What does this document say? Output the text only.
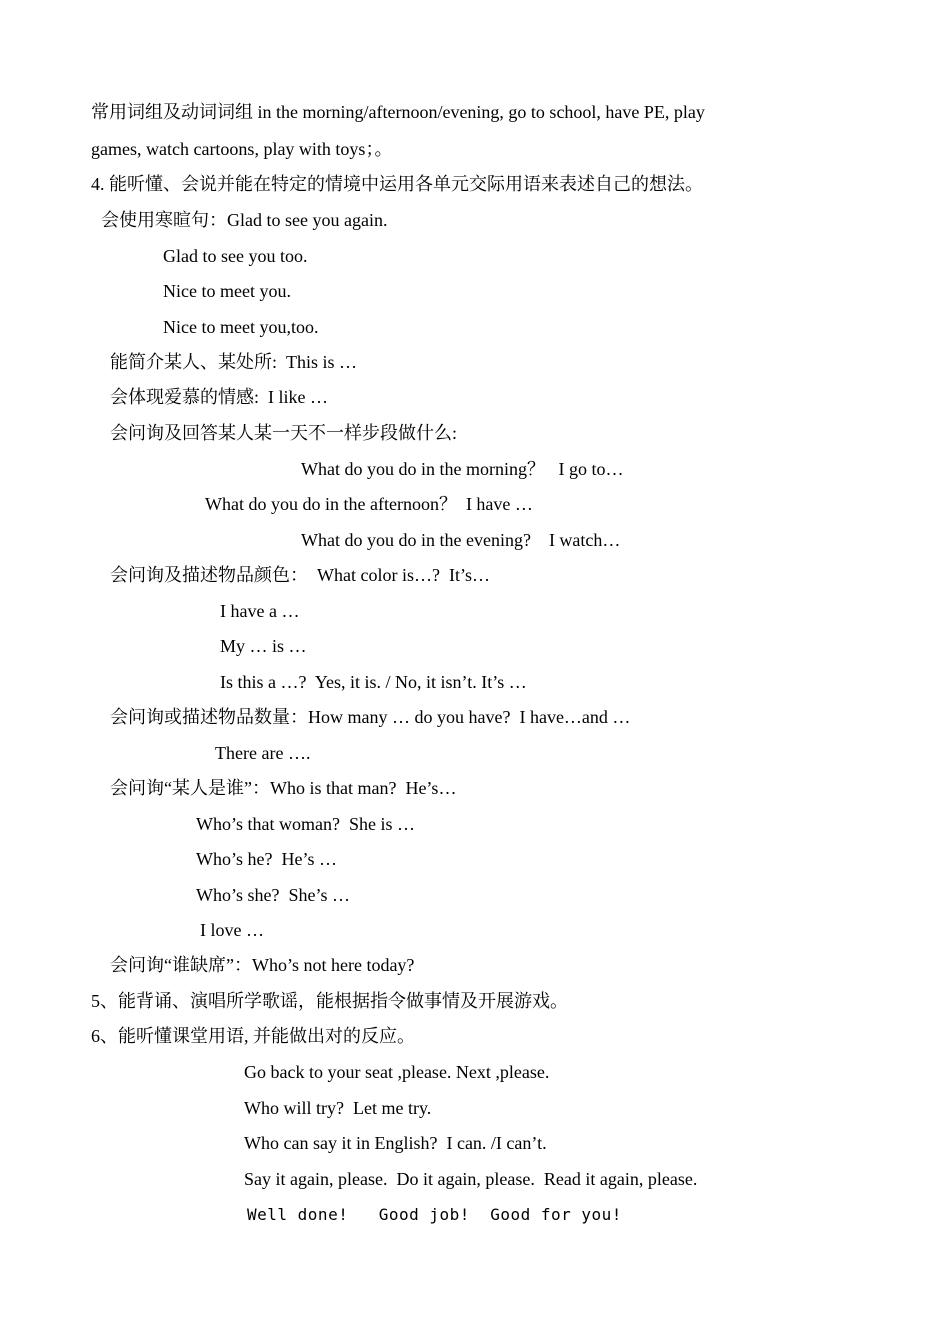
常用词组及动词词组 in the morning/afternoon/evening, go to school, have PE, play
games, watch cartoons, play with toys；。
4. 能听懂、会说并能在特定的情境中运用各单元交际用语来表述自己的想法。
会使用寒暄句：Glad to see you again.
Glad to see you too.
Nice to meet you.
Nice to meet you,too.
能简介某人、某处所:  This is …
会体现爱慕的情感:  I like …
会问询及回答某人某一天不一样步段做什么:
What do you do in the morning？   I go to…
What do you do in the afternoon？  I have …
What do you do in the evening?    I watch…
会问询及描述物品颜色：  What color is…?  It’s…
I have a …
My … is …
Is this a …?  Yes, it is. / No, it isn’t. It’s …
会问询或描述物品数量：How many … do you have?  I have…and …
There are ….
会问询“某人是谁”：Who is that man?  He’s…
Who’s that woman?  She is …
Who’s he?  He’s …
Who’s she?  She’s …
I love …
会问询“谁缺席”：Who’s not here today?
5、能背诵、演唱所学歌谣，能根据指令做事情及开展游戏。
6、能听懂课堂用语, 并能做出对的反应。
Go back to your seat ,please. Next ,please.
Who will try?  Let me try.
Who can say it in English?  I can. /I can’t.
Say it again, please.  Do it again, please.  Read it again, please.
Well done!   Good job!  Good for you!
